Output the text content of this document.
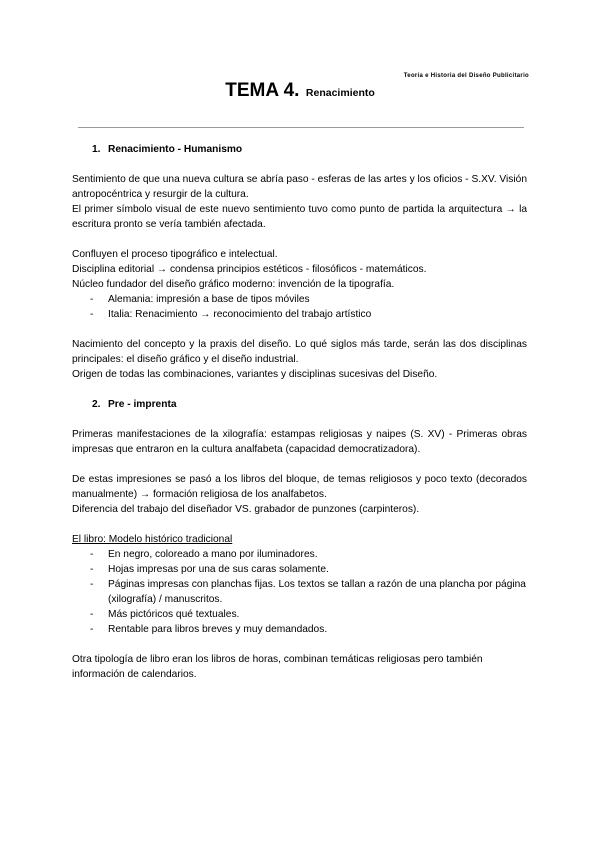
Teoría e Historia del Diseño Publicitario
TEMA 4. Renacimiento
1. Renacimiento - Humanismo
Sentimiento de que una nueva cultura se abría paso - esferas de las artes y los oficios - S.XV. Visión antropocéntrica y resurgir de la cultura.
El primer símbolo visual de este nuevo sentimiento tuvo como punto de partida la arquitectura → la escritura pronto se vería también afectada.
Confluyen el proceso tipográfico e intelectual.
Disciplina editorial → condensa principios estéticos - filosóficos - matemáticos.
Núcleo fundador del diseño gráfico moderno: invención de la tipografía.
- Alemania: impresión a base de tipos móviles
- Italia: Renacimiento → reconocimiento del trabajo artístico
Nacimiento del concepto y la praxis del diseño. Lo qué siglos más tarde, serán las dos disciplinas principales: el diseño gráfico y el diseño industrial.
Origen de todas las combinaciones, variantes y disciplinas sucesivas del Diseño.
2. Pre - imprenta
Primeras manifestaciones de la xilografía: estampas religiosas y naipes (S. XV) - Primeras obras impresas que entraron en la cultura analfabeta (capacidad democratizadora).
De estas impresiones se pasó a los libros del bloque, de temas religiosos y poco texto (decorados manualmente) → formación religiosa de los analfabetos.
Diferencia del trabajo del diseñador VS. grabador de punzones (carpinteros).
El libro: Modelo histórico tradicional
- En negro, coloreado a mano por iluminadores.
- Hojas impresas por una de sus caras solamente.
- Páginas impresas con planchas fijas. Los textos se tallan a razón de una plancha por página (xilografía) / manuscritos.
- Más pictóricos qué textuales.
- Rentable para libros breves y muy demandados.
Otra tipología de libro eran los libros de horas, combinan temáticas religiosas pero también información de calendarios.
